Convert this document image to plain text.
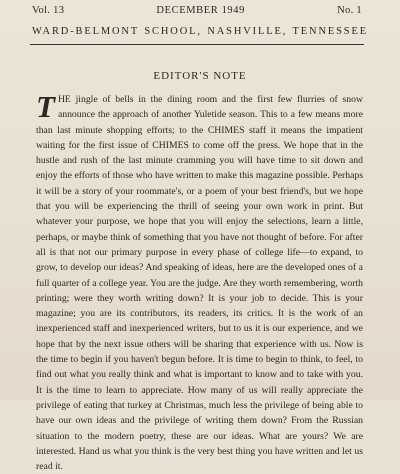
Vol. 13	DECEMBER 1949	No. 1
WARD-BELMONT SCHOOL, NASHVILLE, TENNESSEE
EDITOR'S NOTE

THE jingle of bells in the dining room and the first few flurries of snow announce the approach of another Yuletide season. This to a few means more than last minute shopping efforts; to the CHIMES staff it means the impatient waiting for the first issue of CHIMES to come off the press. We hope that in the hustle and rush of the last minute cramming you will have time to sit down and enjoy the efforts of those who have written to make this magazine possible. Perhaps it will be a story of your roommate's, or a poem of your best friend's, but we hope that you will be experiencing the thrill of seeing your own work in print. But whatever your purpose, we hope that you will enjoy the selections, learn a little, perhaps, or maybe think of something that you have not thought of before. For after all is that not our primary purpose in every phase of college life—to expand, to grow, to develop our ideas? And speaking of ideas, here are the developed ones of a full quarter of a college year. You are the judge. Are they worth remembering, worth printing; were they worth writing down? It is your job to decide. This is your magazine; you are its contributors, its readers, its critics. It is the work of an inexperienced staff and inexperienced writers, but to us it is our experience, and we hope that by the next issue others will be sharing that experience with us. Now is the time to begin if you haven't begun before. It is time to begin to think, to feel, to find out what you really think and what is important to know and to take with you. It is the time to learn to appreciate. How many of us will really appreciate the privilege of eating that turkey at Christmas, much less the privilege of being able to have our own ideas and the privilege of writing them down? From the Russian situation to the modern poetry, these are our ideas. What are yours? We are interested. Hand us what you think is the very best thing you have written and let us read it.
